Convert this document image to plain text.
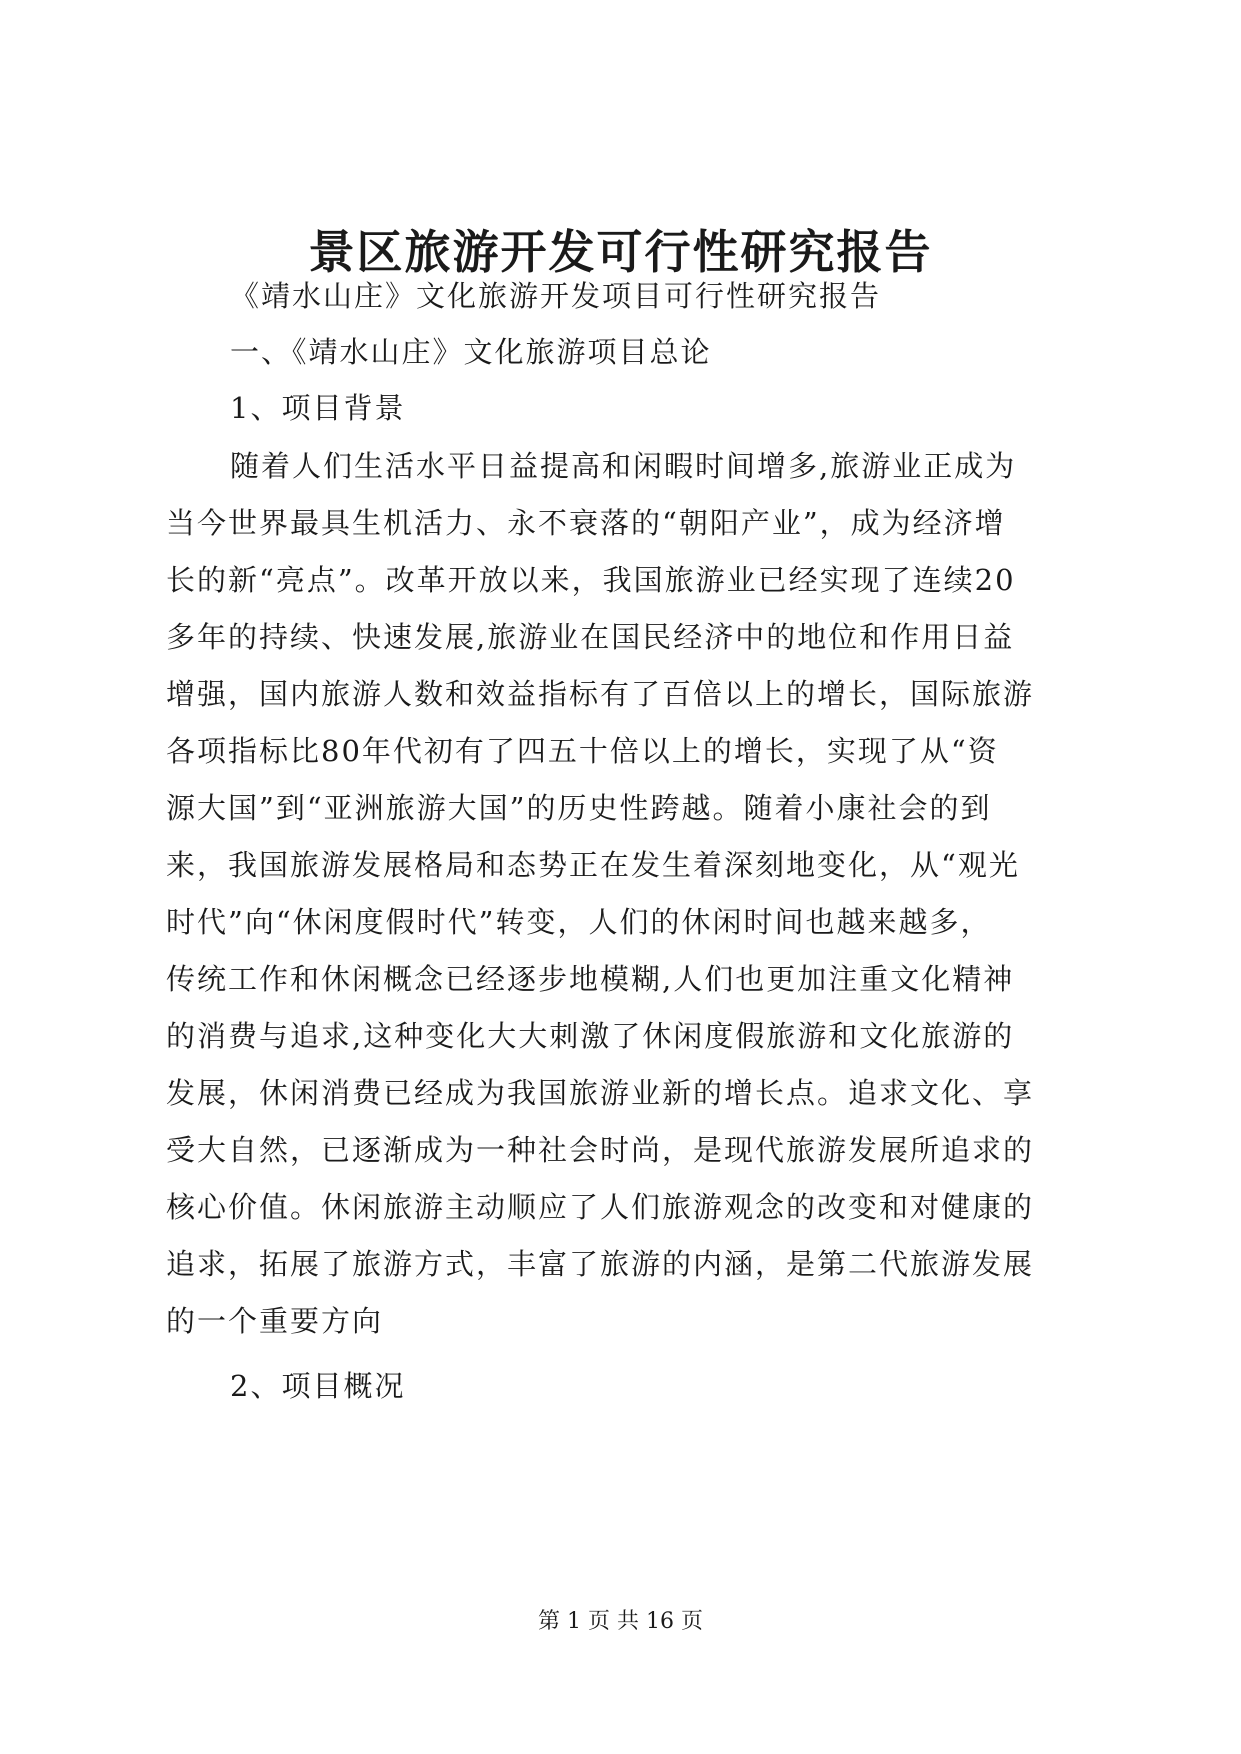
景区旅游开发可行性研究报告
《靖水山庄》文化旅游开发项目可行性研究报告
一、《靖水山庄》文化旅游项目总论
1、项目背景
随着人们生活水平日益提高和闲暇时间增多,旅游业正成为
当今世界最具生机活力、永不衰落的“朝阳产业”，成为经济增
长的新“亮点”。改革开放以来，我国旅游业已经实现了连续20
多年的持续、快速发展,旅游业在国民经济中的地位和作用日益
增强，国内旅游人数和效益指标有了百倍以上的增长，国际旅游
各项指标比80年代初有了四五十倍以上的增长，实现了从“资
源大国”到“亚洲旅游大国”的历史性跨越。随着小康社会的到
来，我国旅游发展格局和态势正在发生着深刻地变化，从“观光
时代”向“休闲度假时代”转变，人们的休闲时间也越来越多，
传统工作和休闲概念已经逐步地模糊,人们也更加注重文化精神
的消费与追求,这种变化大大刺激了休闲度假旅游和文化旅游的
发展，休闲消费已经成为我国旅游业新的增长点。追求文化、享
受大自然，已逐渐成为一种社会时尚，是现代旅游发展所追求的
核心价值。休闲旅游主动顺应了人们旅游观念的改变和对健康的
追求，拓展了旅游方式，丰富了旅游的内涵，是第二代旅游发展
的一个重要方向
2、项目概况
第 1 页 共 16 页
